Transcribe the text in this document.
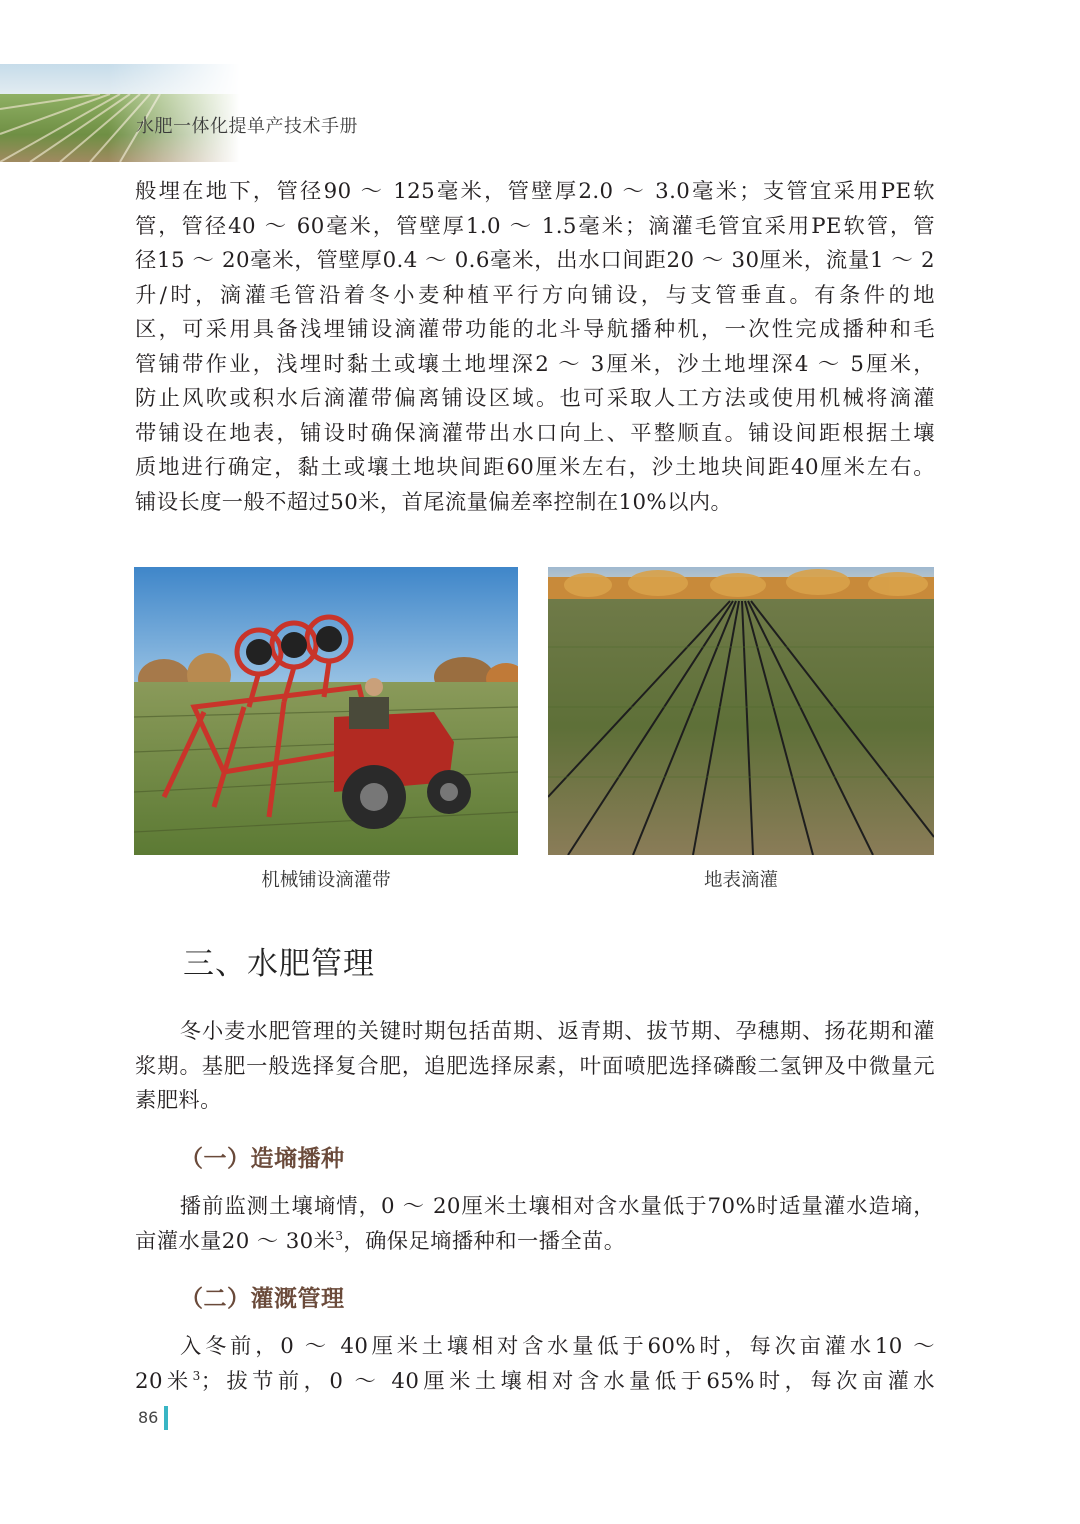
水肥一体化提单产技术手册
般埋在地下，管径90 ～ 125毫米，管壁厚2.0 ～ 3.0毫米；支管宜采用PE软
管，管径40 ～ 60毫米，管壁厚1.0 ～ 1.5毫米；滴灌毛管宜采用PE软管，管
径15 ～ 20毫米，管壁厚0.4 ～ 0.6毫米，出水口间距20 ～ 30厘米，流量1 ～ 2
升/时，滴灌毛管沿着冬小麦种植平行方向铺设，与支管垂直。有条件的地
区，可采用具备浅埋铺设滴灌带功能的北斗导航播种机，一次性完成播种和毛
管铺带作业，浅埋时黏土或壤土地埋深2 ～ 3厘米，沙土地埋深4 ～ 5厘米，
防止风吹或积水后滴灌带偏离铺设区域。也可采取人工方法或使用机械将滴灌
带铺设在地表，铺设时确保滴灌带出水口向上、平整顺直。铺设间距根据土壤
质地进行确定，黏土或壤土地块间距60厘米左右，沙土地块间距40厘米左右。
铺设长度一般不超过50米，首尾流量偏差率控制在10%以内。
机械铺设滴灌带	地表滴灌
三、水肥管理

冬小麦水肥管理的关键时期包括苗期、返青期、拔节期、孕穗期、扬花期和灌浆期。基肥一般选择复合肥，追肥选择尿素，叶面喷肥选择磷酸二氢钾及中微量元素肥料。

（一）造墒播种

播前监测土壤墒情，0 ～ 20厘米土壤相对含水量低于70%时适量灌水造墒，亩灌水量20 ～ 30米$^3$，确保足墒播种和一播全苗。

（二）灌溉管理
入冬前，0 ～ 40厘米土壤相对含水量低于60%时，每次亩灌水10 ～
20米$^3$；拔节前，0 ～ 40厘米土壤相对含水量低于65%时，每次亩灌水
86
